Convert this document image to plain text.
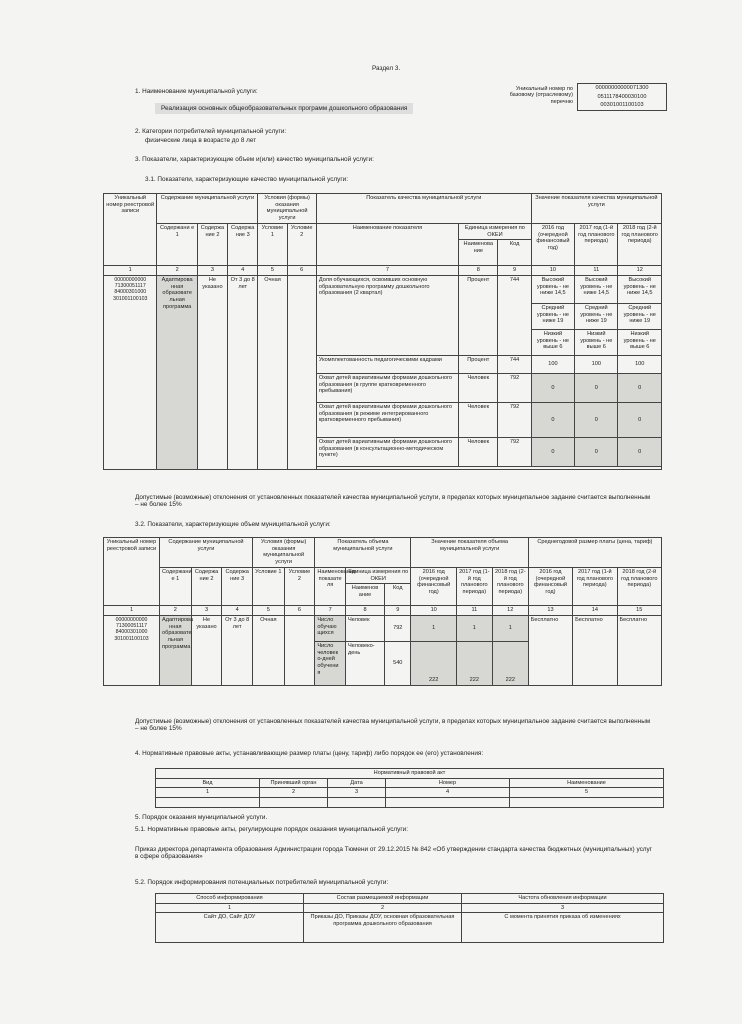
Раздел 3.
1. Наименование муниципальной услуги:
Реализация основных общеобразовательных программ дошкольного образования
Уникальный номер по базовому (отраслевому) перечню
00000000000071300
0511178400030100
00301001100103
2. Категории потребителей муниципальной услуги:
физические лица в возрасте до 8 лет
3. Показатели, характеризующие объем и(или) качество муниципальной услуги:
3.1. Показатели, характеризующие качество муниципальной услуги:
Уникальный номер реестровой записи	Содержание муниципальной услуги			Условия (формы) оказания муниципальной услуги		Показатель качества муниципальной услуги			Значение показателя качества муниципальной услуги		
	Содержани е 1	Содержа ние 2	Содержа ние 3	Условие 1	Условие 2	Наименование показателя	Единица измерения по ОКЕИ		2016 год (очередной финансовый год)	2017 год (1-й год планового периода)	2018 год (2-й год планового периода)
							Наименова ние	Код			
1	2	3	4	5	6	7	8	9	10	11	12
00000000000 71300051117 84000301000 301001100103	Адаптирова нная образовате льная программа	Не указано	От 3 до 8 лет	Очная		Доля обучающихся, освоивших основную образовательную программу дошкольного образования (2 квартал)	Процент	744	Высокий уровень - не ниже 14,5	Высокий уровень - не ниже 14,5	Высокий уровень - не ниже 14,5
									Средний уровень - не ниже 19	Средний уровень - не ниже 19	Средний уровень - не ниже 19
									Низкий уровень - не выше 6	Низкий уровень - не выше 6	Низкий уровень - не выше 6
						Укомплектованность педагогическими кадрами	Процент	744	100	100	100
						Охват детей вариативными формами дошкольного образования (в группе кратковременного пребывания)	Человек	792	0	0	0
						Охват детей вариативными формами дошкольного образования (в режиме интегрированного кратковременного пребывания)	Человек	792	0	0	0
						Охват детей вариативными формами дошкольного образования (в консультационно-методическом пункте)	Человек	792	0	0	0

Допустимые (возможные) отклонения от установленных показателей качества муниципальной услуги, в пределах которых муниципальное задание считается выполненным – не более 15%
3.2. Показатели, характеризующие объем муниципальной услуги:
Уникальный номер реестровой записи	Содержание муниципальной услуги			Условия (формы) оказания муниципальной услуги		Показатель объема муниципальной услуги			Значение показателя объема муниципальной услуги			Среднегодовой размер платы (цена, тариф)		
	Содержани е 1	Содержа ние 2	Содержа ние 3	Условие 1	Условие 2	Наименование показате ля	Единица измерения по ОКЕИ		2016 год (очередной финансовый год)	2017 год (1-й год планового периода)	2018 год (2-й год планового периода)	2016 год (очередной финансовый год)	2017 год (1-й год планового периода)	2018 год (2-й год планового периода)
							Наименов ание	Код						
1	2	3	4	5	6	7	8	9	10	11	12	13	14	15
00000000000 71300051117 84000301000 301001100103	Адаптирова нная образовате льная программа	Не указано	От 3 до 8 лет	Очная		Число обучаю щихся	Человек	792	1	1	1	Бесплатно	Бесплатно	Бесплатно
						Число человек о-дней обучени я	Человеко-день	540	222	222	222			
Допустимые (возможные) отклонения от установленных показателей качества муниципальной услуги, в пределах которых муниципальное задание считается выполненным – не более 15%
4. Нормативные правовые акты, устанавливающие размер платы (цену, тариф) либо порядок ее (его) установления:
Нормативный правовой акт				
Вид	Принявший орган	Дата	Номер	Наименование
1	2	3	4	5

5. Порядок оказания муниципальной услуги.
5.1. Нормативные правовые акты, регулирующие порядок оказания муниципальной услуги:
Приказ директора департамента образования Администрации города Тюмени от 29.12.2015 № 842 «Об утверждении стандарта качества бюджетных (муниципальных) услуг в сфере образования»
5.2. Порядок информирования потенциальных потребителей муниципальной услуги:
Способ информирования	Состав размещаемой информации	Частота обновления информации
1	2	3
Сайт ДО, Сайт ДОУ	Приказы ДО, Приказы ДОУ, основная образовательная программа дошкольного образования	С момента принятия приказа об изменениях
